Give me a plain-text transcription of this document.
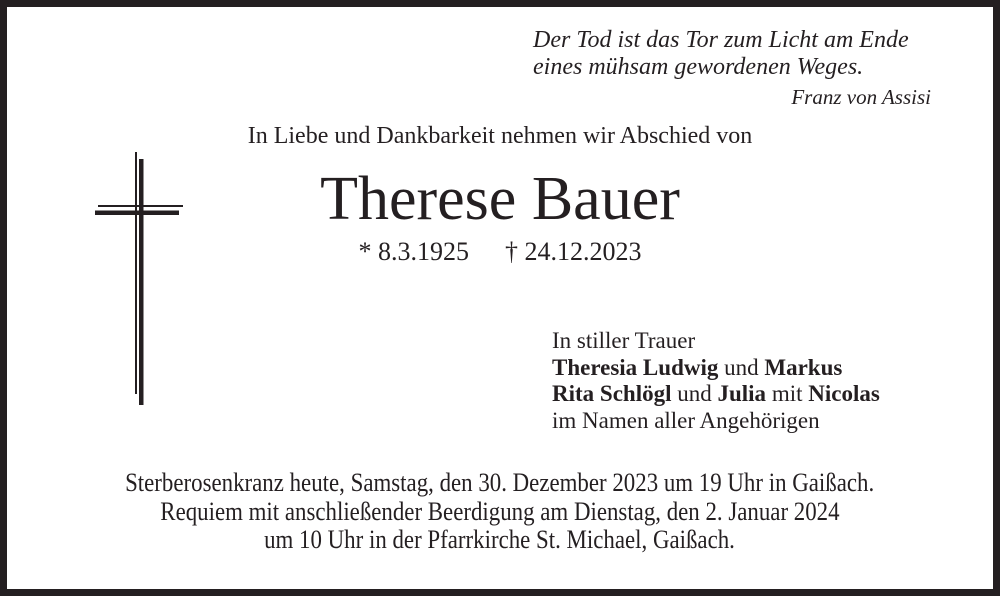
Der Tod ist das Tor zum Licht am Ende
eines mühsam gewordenen Weges.
Franz von Assisi
In Liebe und Dankbarkeit nehmen wir Abschied von
Therese Bauer
* 8.3.1925 † 24.12.2023
In stiller Trauer
Theresia Ludwig und Markus
Rita Schlögl und Julia mit Nicolas
im Namen aller Angehörigen
Sterberosenkranz heute, Samstag, den 30. Dezember 2023 um 19 Uhr in Gaißach.
Requiem mit anschließender Beerdigung am Dienstag, den 2. Januar 2024
um 10 Uhr in der Pfarrkirche St. Michael, Gaißach.
